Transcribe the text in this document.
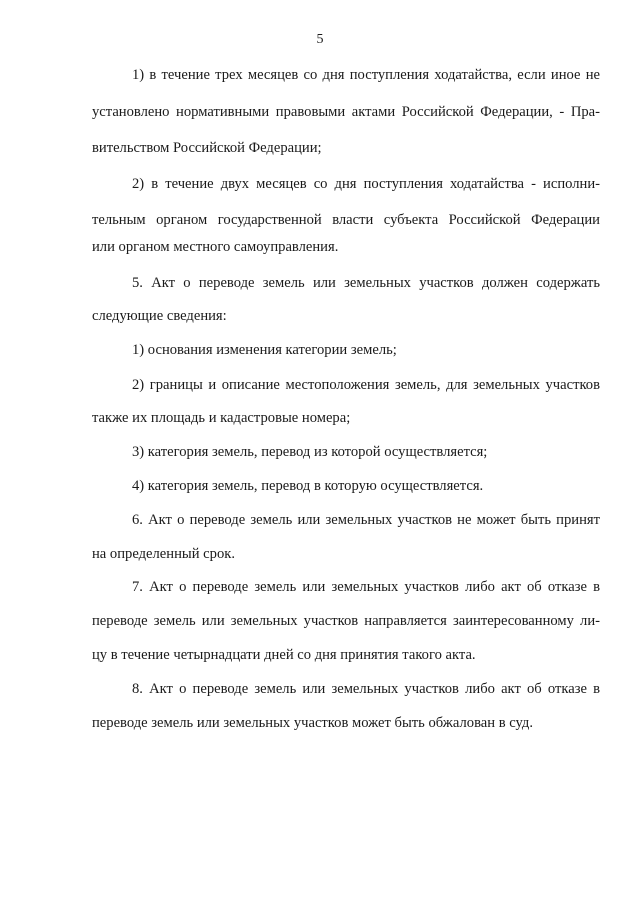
5

1) в течение трех месяцев со дня поступления ходатайства, если иное не

установлено нормативными правовыми актами Российской Федерации, - Пра-

вительством Российской Федерации;

2) в течение двух месяцев со дня поступления ходатайства - исполни-

тельным органом государственной власти субъекта Российской Федерации

или органом местного самоуправления.

5. Акт о переводе земель или земельных участков должен содержать

следующие сведения:

1) основания изменения категории земель;

2) границы и описание местоположения земель, для земельных участков

также их площадь и кадастровые номера;

3) категория земель, перевод из которой осуществляется;

4) категория земель, перевод в которую осуществляется.

6. Акт о переводе земель или земельных участков не может быть принят

на определенный срок.

7. Акт о переводе земель или земельных участков либо акт об отказе в

переводе земель или земельных участков направляется заинтересованному ли-

цу в течение четырнадцати дней со дня принятия такого акта.

8. Акт о переводе земель или земельных участков либо акт об отказе в

переводе земель или земельных участков может быть обжалован в суд.
